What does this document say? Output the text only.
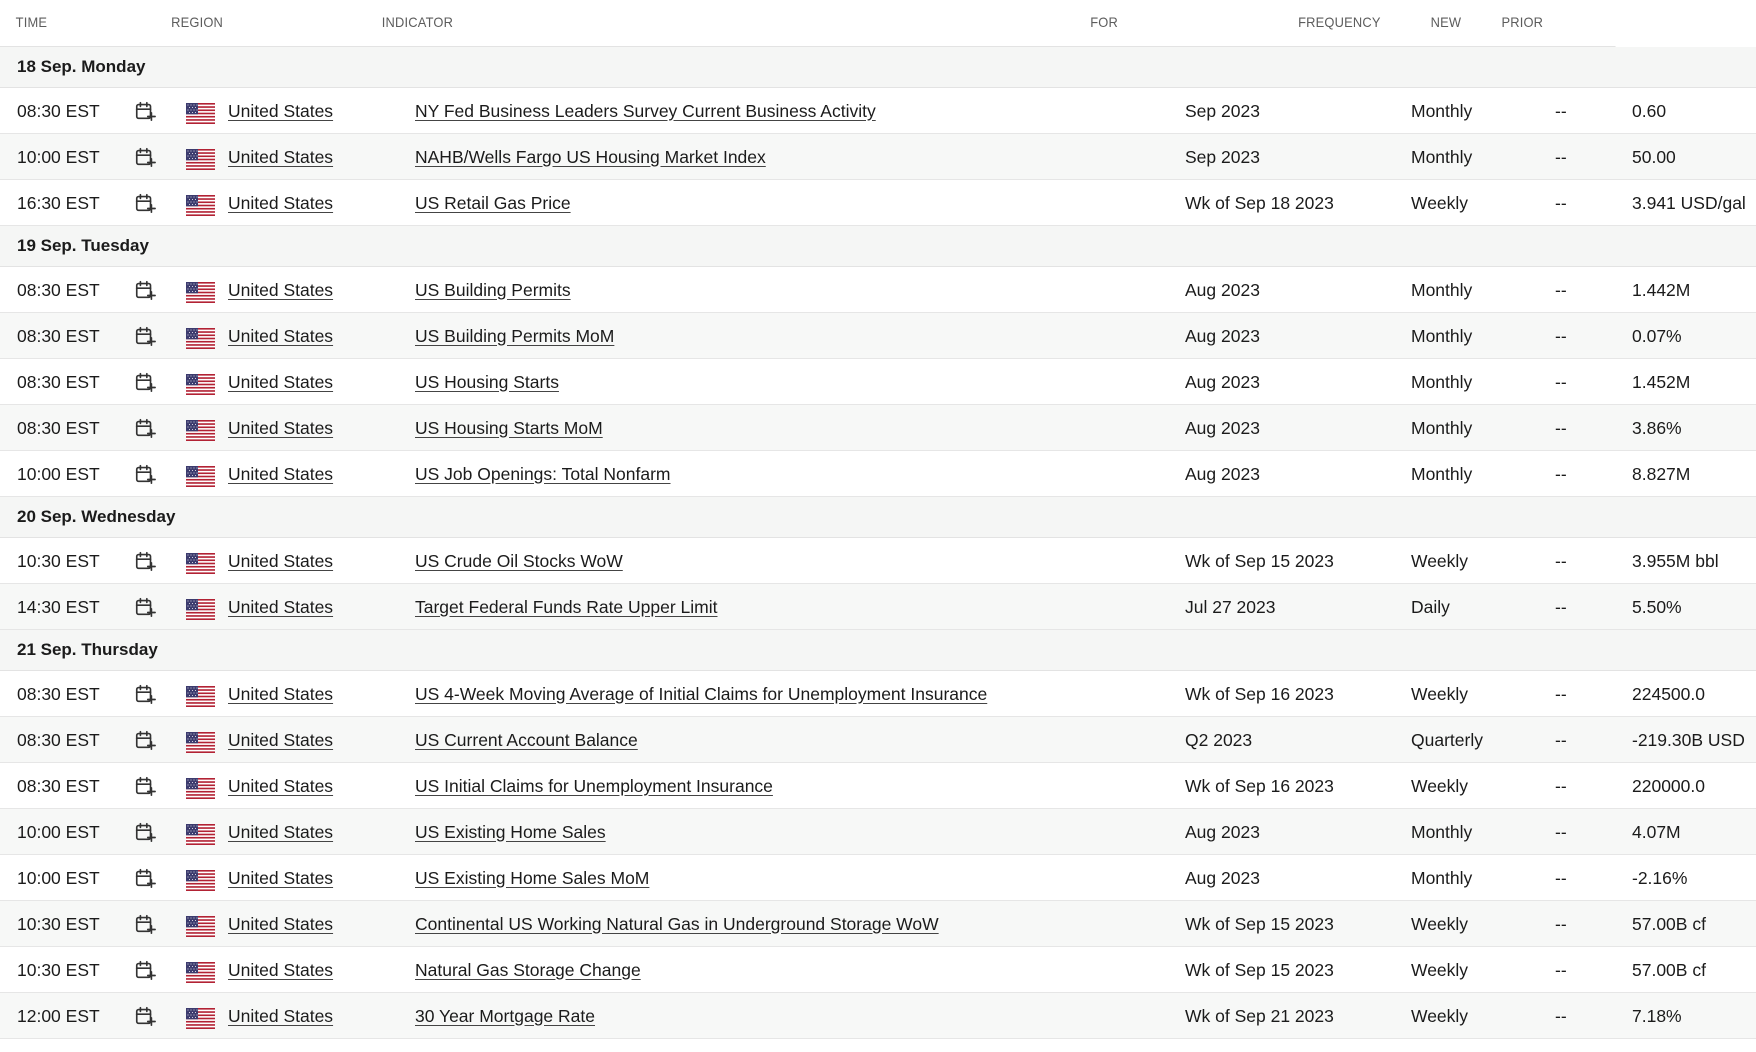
TIME	REGION	INDICATOR	FOR	FREQUENCY	NEW	PRIOR
18 Sep. Monday
08:30 EST	United States	NY Fed Business Leaders Survey Current Business Activity	Sep 2023	Monthly	--	0.60
10:00 EST	United States	NAHB/Wells Fargo US Housing Market Index	Sep 2023	Monthly	--	50.00
16:30 EST	United States	US Retail Gas Price	Wk of Sep 18 2023	Weekly	--	3.941 USD/gal
19 Sep. Tuesday
08:30 EST	United States	US Building Permits	Aug 2023	Monthly	--	1.442M
08:30 EST	United States	US Building Permits MoM	Aug 2023	Monthly	--	0.07%
08:30 EST	United States	US Housing Starts	Aug 2023	Monthly	--	1.452M
08:30 EST	United States	US Housing Starts MoM	Aug 2023	Monthly	--	3.86%
10:00 EST	United States	US Job Openings: Total Nonfarm	Aug 2023	Monthly	--	8.827M
20 Sep. Wednesday
10:30 EST	United States	US Crude Oil Stocks WoW	Wk of Sep 15 2023	Weekly	--	3.955M bbl
14:30 EST	United States	Target Federal Funds Rate Upper Limit	Jul 27 2023	Daily	--	5.50%
21 Sep. Thursday
08:30 EST	United States	US 4-Week Moving Average of Initial Claims for Unemployment Insurance	Wk of Sep 16 2023	Weekly	--	224500.0
08:30 EST	United States	US Current Account Balance	Q2 2023	Quarterly	--	-219.30B USD
08:30 EST	United States	US Initial Claims for Unemployment Insurance	Wk of Sep 16 2023	Weekly	--	220000.0
10:00 EST	United States	US Existing Home Sales	Aug 2023	Monthly	--	4.07M
10:00 EST	United States	US Existing Home Sales MoM	Aug 2023	Monthly	--	-2.16%
10:30 EST	United States	Continental US Working Natural Gas in Underground Storage WoW	Wk of Sep 15 2023	Weekly	--	57.00B cf
10:30 EST	United States	Natural Gas Storage Change	Wk of Sep 15 2023	Weekly	--	57.00B cf
12:00 EST	United States	30 Year Mortgage Rate	Wk of Sep 21 2023	Weekly	--	7.18%
